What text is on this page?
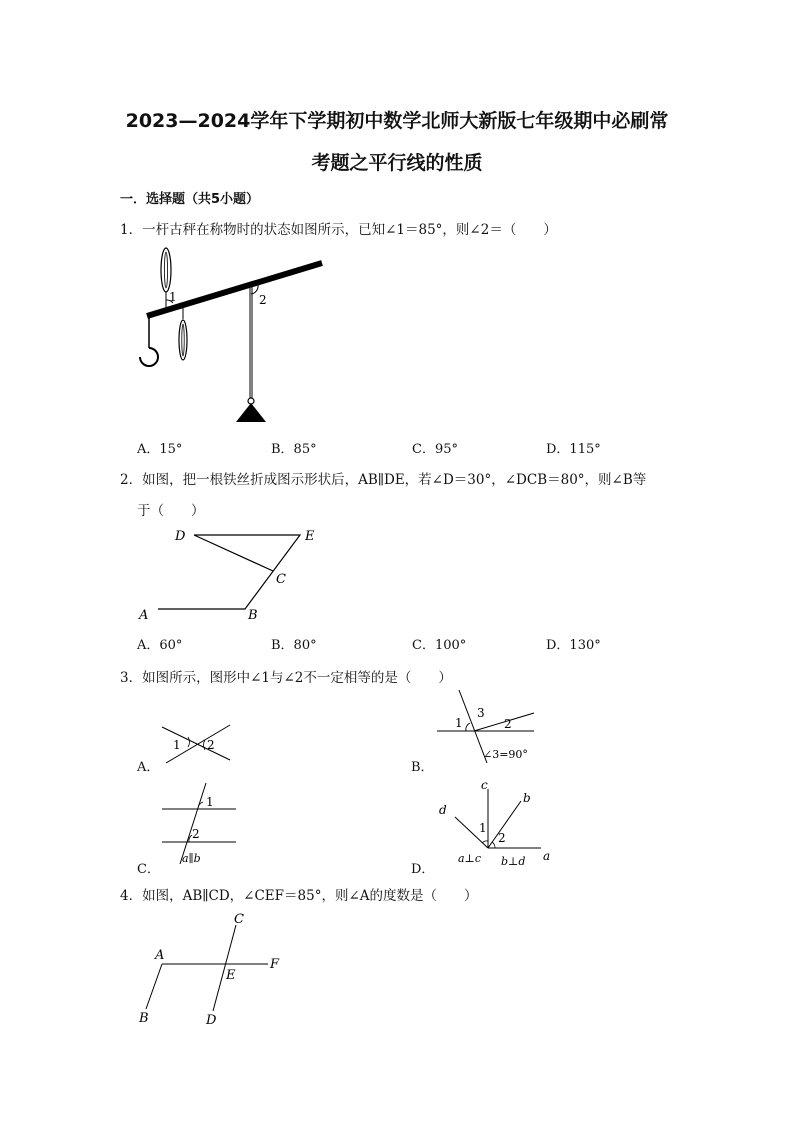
2023—2024学年下学期初中数学北师大新版七年级期中必刷常
考题之平行线的性质
一．选择题（共5小题）
1．一杆古秤在称物时的状态如图所示，已知∠1＝85°，则∠2＝（　　）
1	2
A．15°	B．85°	C．95°	D．115°
2．如图，把一根铁丝折成图示形状后，AB∥DE，若∠D＝30°，∠DCB＝80°，则∠B等
于（　　）
D	E
C
A	B
A．60°	B．80°	C．100°	D．130°
3．如图所示，图形中∠1与∠2不一定相等的是（　　）
A．
1 2
B．
1
3
2
∠3=90°
C．
1
2
a∥b
D．
c
d
b
a
1
2
a⊥c b⊥d
4．如图，AB∥CD，∠CEF＝85°，则∠A的度数是（　　）
A
B
C
D
E
F
